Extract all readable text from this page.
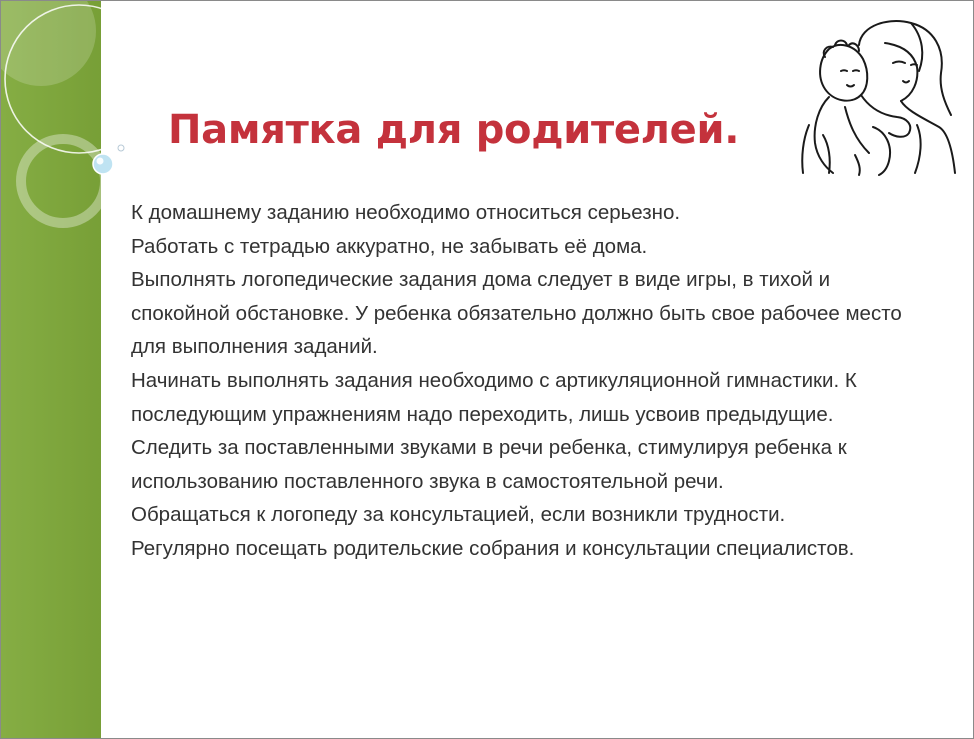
Памятка для родителей.
К домашнему заданию необходимо относиться серьезно.
Работать с тетрадью аккуратно, не забывать её дома.
Выполнять логопедические задания дома следует в виде игры, в тихой и спокойной обстановке. У ребенка обязательно должно быть свое рабочее место для выполнения заданий.
Начинать выполнять задания необходимо с артикуляционной гимнастики. К последующим упражнениям надо переходить, лишь усвоив предыдущие.
Следить за поставленными звуками в речи ребенка, стимулируя ребенка к использованию поставленного звука в самостоятельной речи.
Обращаться к логопеду за консультацией, если возникли трудности.
Регулярно посещать родительские собрания и консультации специалистов.
